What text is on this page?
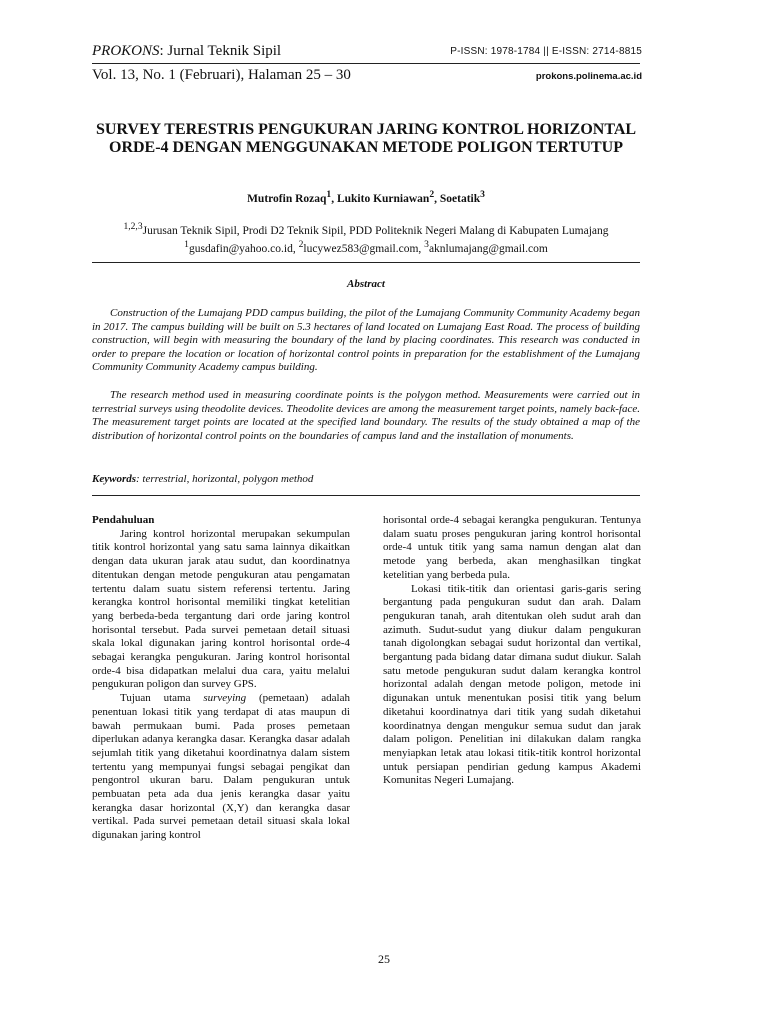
PROKONS: Jurnal Teknik Sipil	P-ISSN: 1978-1784 || E-ISSN: 2714-8815
Vol. 13, No. 1 (Februari), Halaman 25 – 30	prokons.polinema.ac.id
SURVEY TERESTRIS PENGUKURAN JARING KONTROL HORIZONTAL ORDE-4 DENGAN MENGGUNAKAN METODE POLIGON TERTUTUP
Mutrofin Rozaq$^1$, Lukito Kurniawan$^2$, Soetatik$^3$
$^{1,2,3}$Jurusan Teknik Sipil, Prodi D2 Teknik Sipil, PDD Politeknik Negeri Malang di Kabupaten Lumajang
$^1$gusdafin@yahoo.co.id, $^2$lucywez583@gmail.com, $^3$aknlumajang@gmail.com
Abstract

Construction of the Lumajang PDD campus building, the pilot of the Lumajang Community Community Academy began in 2017. The campus building will be built on 5.3 hectares of land located on Lumajang East Road. The process of building construction, will begin with measuring the boundary of the land by placing coordinates. This research was conducted in order to prepare the location or location of horizontal control points in preparation for the establishment of the Lumajang Community Community Academy campus building.

The research method used in measuring coordinate points is the polygon method. Measurements were carried out in terrestrial surveys using theodolite devices. Theodolite devices are among the measurement target points, namely back-face. The measurement target points are located at the specified land boundary. The results of the study obtained a map of the distribution of horizontal control points on the boundaries of campus land and the installation of monuments.

Keywords: terrestrial, horizontal, polygon method

Pendahuluan

Jaring kontrol horizontal merupakan sekumpulan titik kontrol horizontal yang satu sama lainnya dikaitkan dengan data ukuran jarak atau sudut, dan koordinatnya ditentukan dengan metode pengukuran atau pengamatan tertentu dalam suatu sistem referensi tertentu. Jaring kerangka kontrol horisontal memiliki tingkat ketelitian yang berbeda-beda tergantung dari orde jaring kontrol horisontal tersebut. Pada survei pemetaan detail situasi skala lokal digunakan jaring kontrol horisontal orde-4 sebagai kerangka pengukuran. Jaring kontrol horisontal orde-4 bisa didapatkan melalui dua cara, yaitu melalui pengukuran poligon dan survey GPS.

Tujuan utama surveying (pemetaan) adalah penentuan lokasi titik yang terdapat di atas maupun di bawah permukaan bumi. Pada proses pemetaan diperlukan adanya kerangka dasar. Kerangka dasar adalah sejumlah titik yang diketahui koordinatnya dalam sistem tertentu yang mempunyai fungsi sebagai pengikat dan pengontrol ukuran baru. Dalam pengukuran untuk pembuatan peta ada dua jenis kerangka dasar yaitu kerangka dasar horizontal (X,Y) dan kerangka dasar vertikal. Pada survei pemetaan detail situasi skala lokal digunakan jaring kontrol

horisontal orde-4 sebagai kerangka pengukuran. Tentunya dalam suatu proses pengukuran jaring kontrol horisontal orde-4 untuk titik yang sama namun dengan alat dan metode yang berbeda, akan menghasilkan tingkat ketelitian yang berbeda pula.

Lokasi titik-titik dan orientasi garis-garis sering bergantung pada pengukuran sudut dan arah. Dalam pengukuran tanah, arah ditentukan oleh sudut arah dan azimuth. Sudut-sudut yang diukur dalam pengukuran tanah digolongkan sebagai sudut horizontal dan vertikal, bergantung pada bidang datar dimana sudut diukur. Salah satu metode pengukuran sudut dalam kerangka kontrol horizontal adalah dengan metode poligon, metode ini digunakan untuk menentukan posisi titik yang belum diketahui koordinatnya dari titik yang sudah diketahui koordinatnya dengan mengukur semua sudut dan jarak dalam poligon. Penelitian ini dilakukan dalam rangka menyiapkan letak atau lokasi titik-titik kontrol horizontal untuk persiapan pendirian gedung kampus Akademi Komunitas Negeri Lumajang.

25
